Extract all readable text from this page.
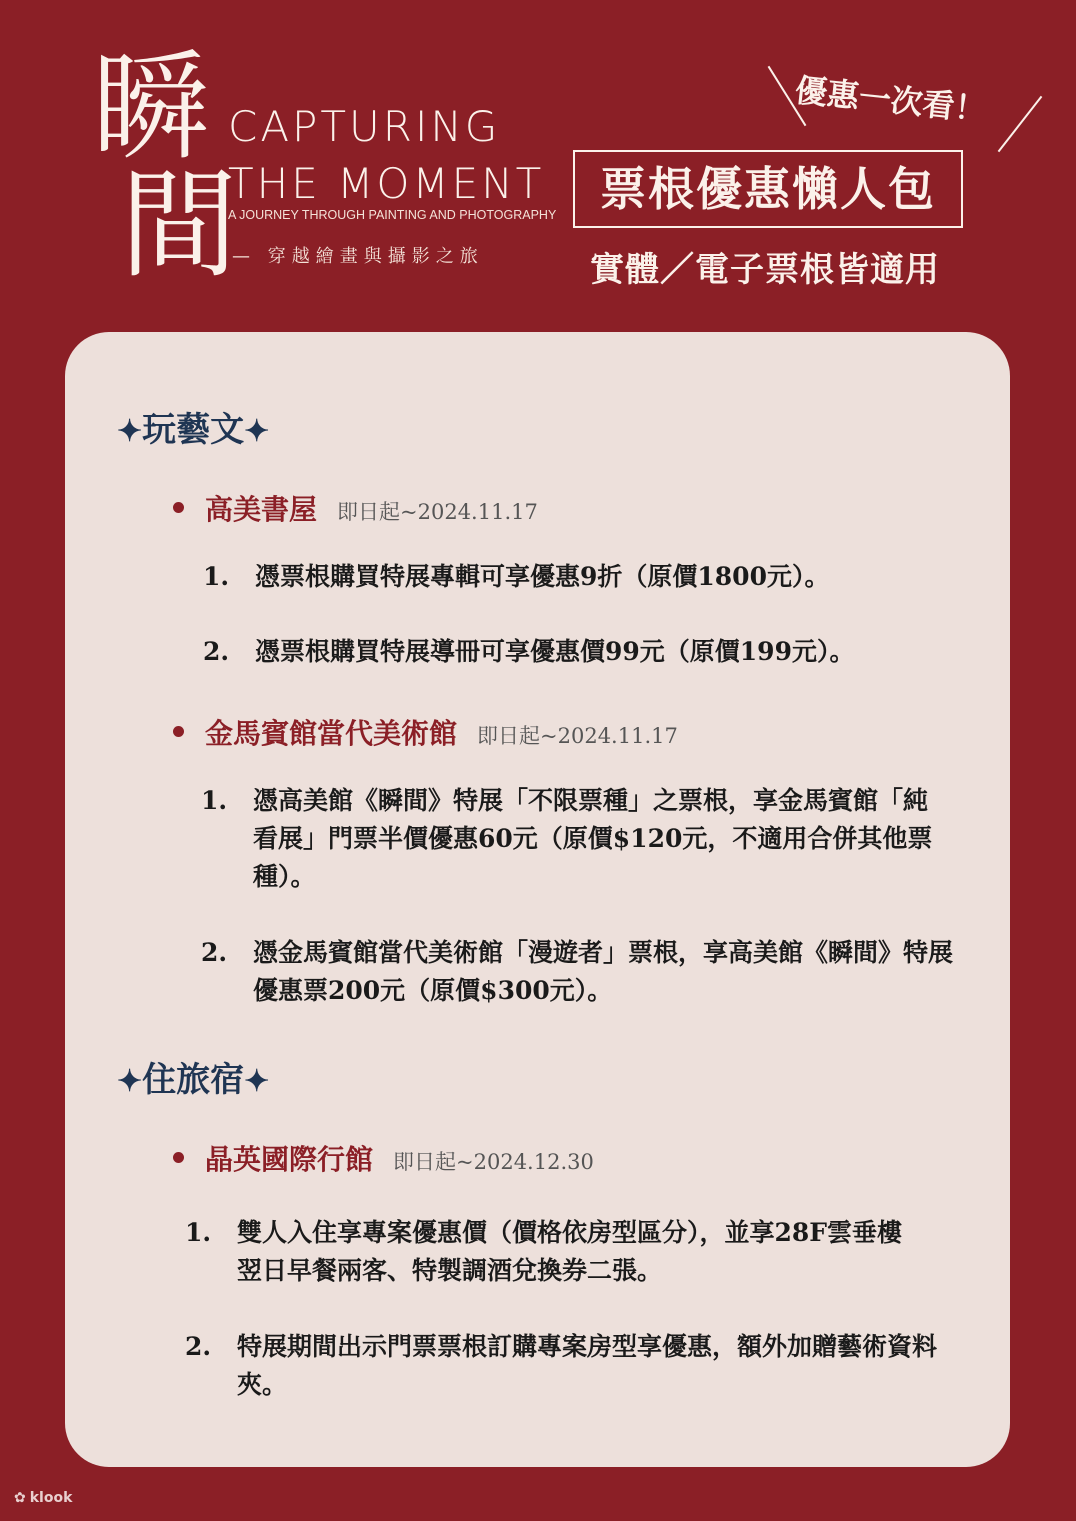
瞬
間
CAPTURING
THE MOMENT
A JOURNEY THROUGH PAINTING AND PHOTOGRAPHY
— 穿越繪畫與攝影之旅
優惠一次看！
票根優惠懶人包
實體／電子票根皆適用
✦玩藝文✦
高美書屋 即日起~2024.11.17
1. 憑票根購買特展專輯可享優惠9折（原價1800元）。
2. 憑票根購買特展導冊可享優惠價99元（原價199元）。
金馬賓館當代美術館 即日起~2024.11.17
1. 憑高美館《瞬間》特展「不限票種」之票根，享金馬賓館「純看展」門票半價優惠60元（原價$120元，不適用合併其他票種）。
2. 憑金馬賓館當代美術館「漫遊者」票根，享高美館《瞬間》特展優惠票200元（原價$300元）。
✦住旅宿✦
晶英國際行館 即日起~2024.12.30
1. 雙人入住享專案優惠價（價格依房型區分），並享28F雲垂樓翌日早餐兩客、特製調酒兌換券二張。
2. 特展期間出示門票票根訂購專案房型享優惠，額外加贈藝術資料夾。
✿ klook
